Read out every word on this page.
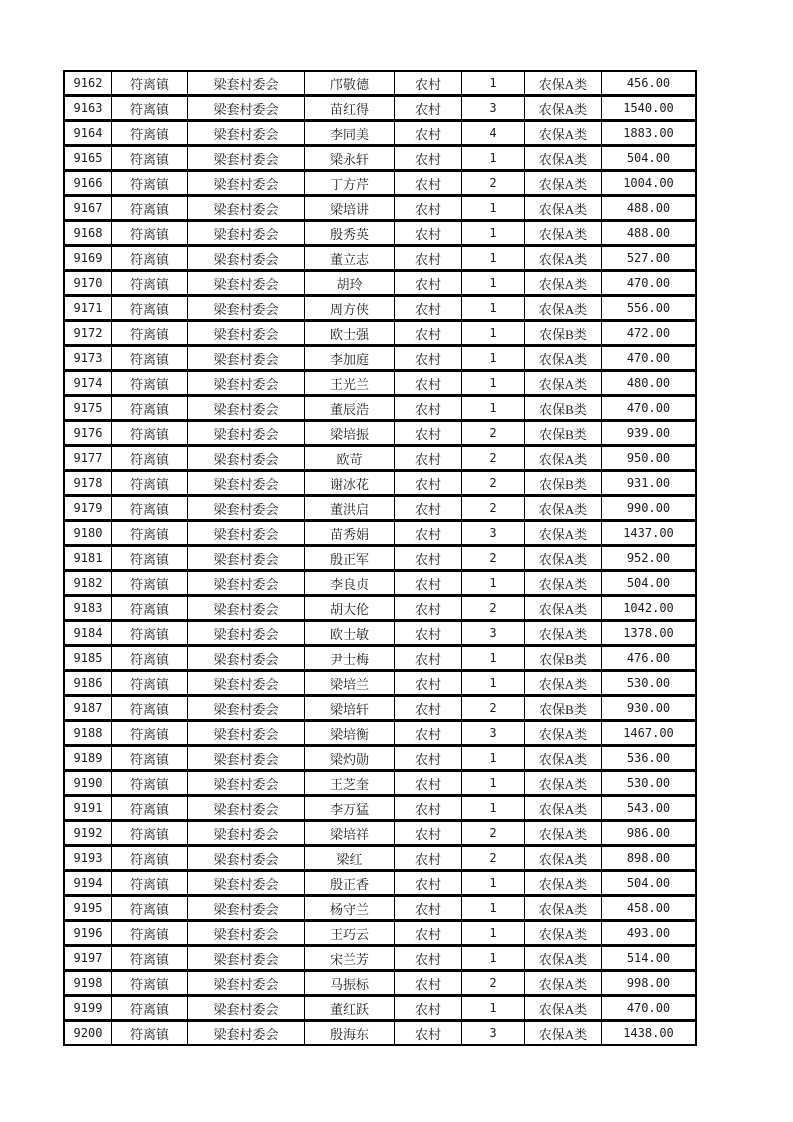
9162	符离镇	梁套村委会	邝敬德	农村	1	农保A类	456.00
9163	符离镇	梁套村委会	苗红得	农村	3	农保A类	1540.00
9164	符离镇	梁套村委会	李同美	农村	4	农保A类	1883.00
9165	符离镇	梁套村委会	梁永轩	农村	1	农保A类	504.00
9166	符离镇	梁套村委会	丁方芹	农村	2	农保A类	1004.00
9167	符离镇	梁套村委会	梁培讲	农村	1	农保A类	488.00
9168	符离镇	梁套村委会	殷秀英	农村	1	农保A类	488.00
9169	符离镇	梁套村委会	董立志	农村	1	农保A类	527.00
9170	符离镇	梁套村委会	胡玲	农村	1	农保A类	470.00
9171	符离镇	梁套村委会	周方侠	农村	1	农保A类	556.00
9172	符离镇	梁套村委会	欧士强	农村	1	农保B类	472.00
9173	符离镇	梁套村委会	李加庭	农村	1	农保A类	470.00
9174	符离镇	梁套村委会	王光兰	农村	1	农保A类	480.00
9175	符离镇	梁套村委会	董辰浩	农村	1	农保B类	470.00
9176	符离镇	梁套村委会	梁培振	农村	2	农保B类	939.00
9177	符离镇	梁套村委会	欧苛	农村	2	农保A类	950.00
9178	符离镇	梁套村委会	谢冰花	农村	2	农保B类	931.00
9179	符离镇	梁套村委会	董洪启	农村	2	农保A类	990.00
9180	符离镇	梁套村委会	苗秀娟	农村	3	农保A类	1437.00
9181	符离镇	梁套村委会	殷正军	农村	2	农保A类	952.00
9182	符离镇	梁套村委会	李良贞	农村	1	农保A类	504.00
9183	符离镇	梁套村委会	胡大伦	农村	2	农保A类	1042.00
9184	符离镇	梁套村委会	欧士敏	农村	3	农保A类	1378.00
9185	符离镇	梁套村委会	尹士梅	农村	1	农保B类	476.00
9186	符离镇	梁套村委会	梁培兰	农村	1	农保A类	530.00
9187	符离镇	梁套村委会	梁培轩	农村	2	农保B类	930.00
9188	符离镇	梁套村委会	梁培衡	农村	3	农保A类	1467.00
9189	符离镇	梁套村委会	梁灼勋	农村	1	农保A类	536.00
9190	符离镇	梁套村委会	王芝奎	农村	1	农保A类	530.00
9191	符离镇	梁套村委会	李万猛	农村	1	农保A类	543.00
9192	符离镇	梁套村委会	梁培祥	农村	2	农保A类	986.00
9193	符离镇	梁套村委会	梁红	农村	2	农保A类	898.00
9194	符离镇	梁套村委会	殷正香	农村	1	农保A类	504.00
9195	符离镇	梁套村委会	杨守兰	农村	1	农保A类	458.00
9196	符离镇	梁套村委会	王巧云	农村	1	农保A类	493.00
9197	符离镇	梁套村委会	宋兰芳	农村	1	农保A类	514.00
9198	符离镇	梁套村委会	马振标	农村	2	农保A类	998.00
9199	符离镇	梁套村委会	董红跃	农村	1	农保A类	470.00
9200	符离镇	梁套村委会	殷海东	农村	3	农保A类	1438.00
